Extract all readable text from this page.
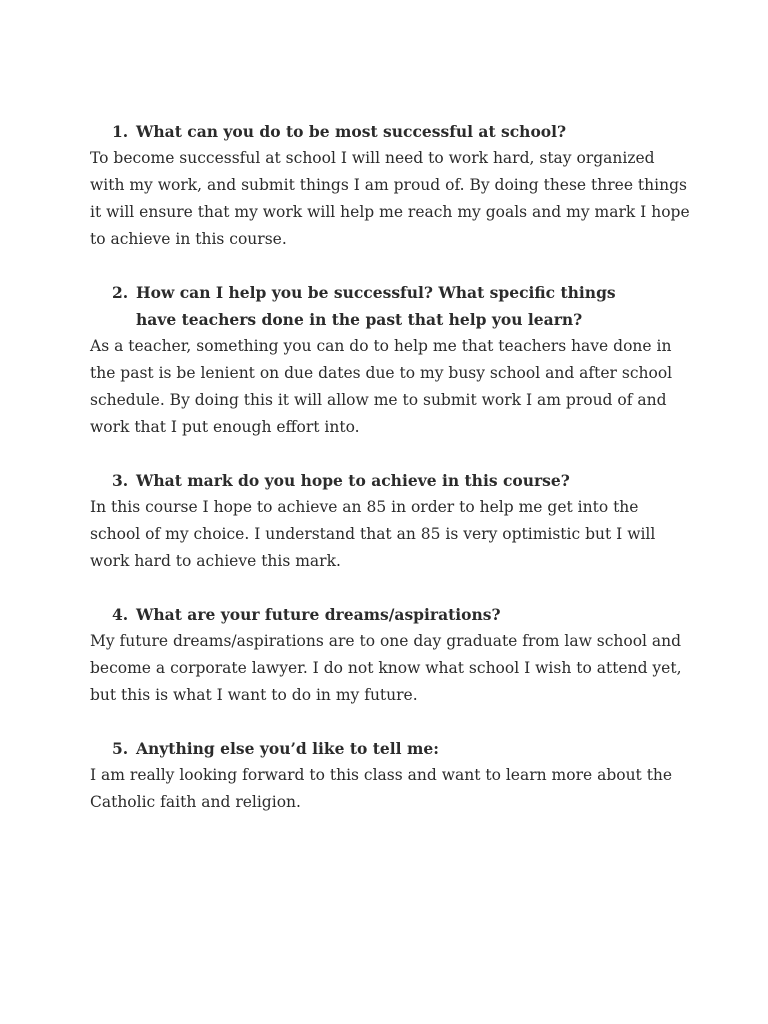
1. What can you do to be most successful at school?

To become successful at school I will need to work hard, stay organized with my work, and submit things I am proud of. By doing these three things it will ensure that my work will help me reach my goals and my mark I hope to achieve in this course.

2. How can I help you be successful? What specific things have teachers done in the past that help you learn?

As a teacher, something you can do to help me that teachers have done in the past is be lenient on due dates due to my busy school and after school schedule. By doing this it will allow me to submit work I am proud of and work that I put enough effort into.

3. What mark do you hope to achieve in this course?

In this course I hope to achieve an 85 in order to help me get into the school of my choice. I understand that an 85 is very optimistic but I will work hard to achieve this mark.

4. What are your future dreams/aspirations?

My future dreams/aspirations are to one day graduate from law school and become a corporate lawyer. I do not know what school I wish to attend yet, but this is what I want to do in my future.

5. Anything else you’d like to tell me:

I am really looking forward to this class and want to learn more about the Catholic faith and religion.
